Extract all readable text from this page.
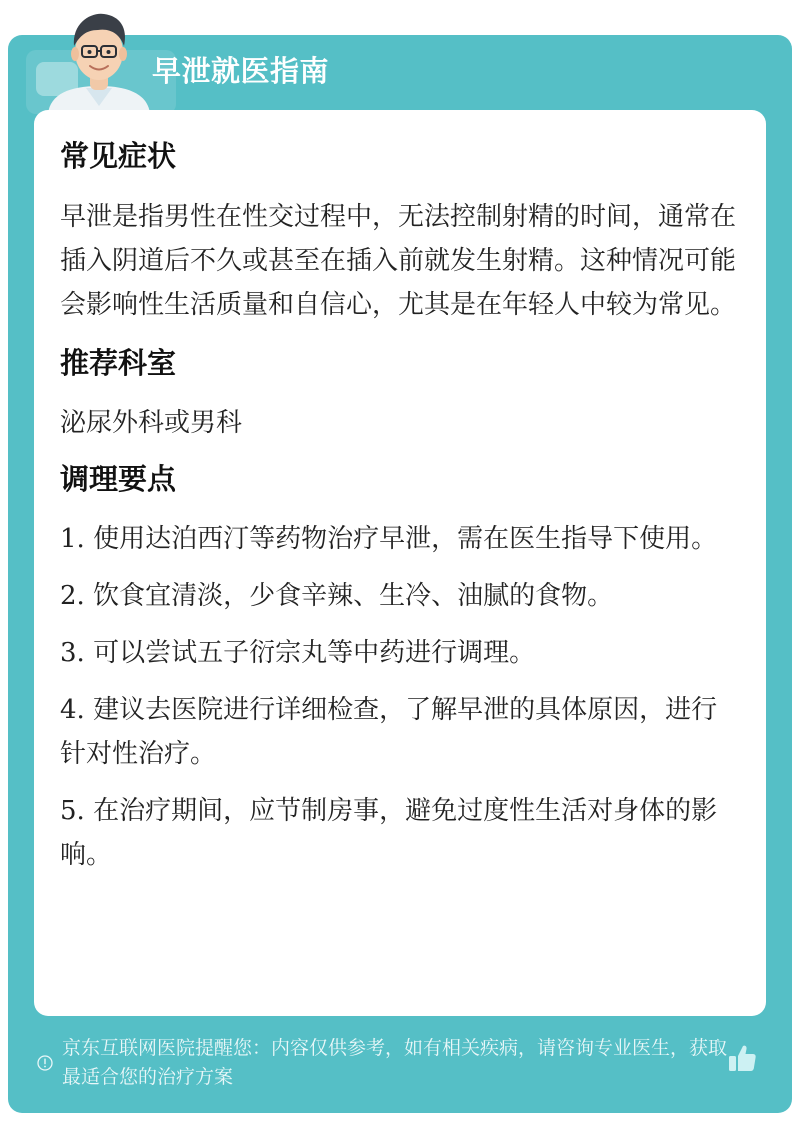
早泄就医指南
常见症状

早泄是指男性在性交过程中，无法控制射精的时间，通常在插入阴道后不久或甚至在插入前就发生射精。这种情况可能会影响性生活质量和自信心，尤其是在年轻人中较为常见。

推荐科室

泌尿外科或男科

调理要点
1. 使用达泊西汀等药物治疗早泄，需在医生指导下使用。
2. 饮食宜清淡，少食辛辣、生冷、油腻的食物。
3. 可以尝试五子衍宗丸等中药进行调理。
4. 建议去医院进行详细检查，了解早泄的具体原因，进行针对性治疗。
5. 在治疗期间，应节制房事，避免过度性生活对身体的影响。
京东互联网医院提醒您：内容仅供参考，如有相关疾病，请咨询专业医生，获取最适合您的治疗方案
